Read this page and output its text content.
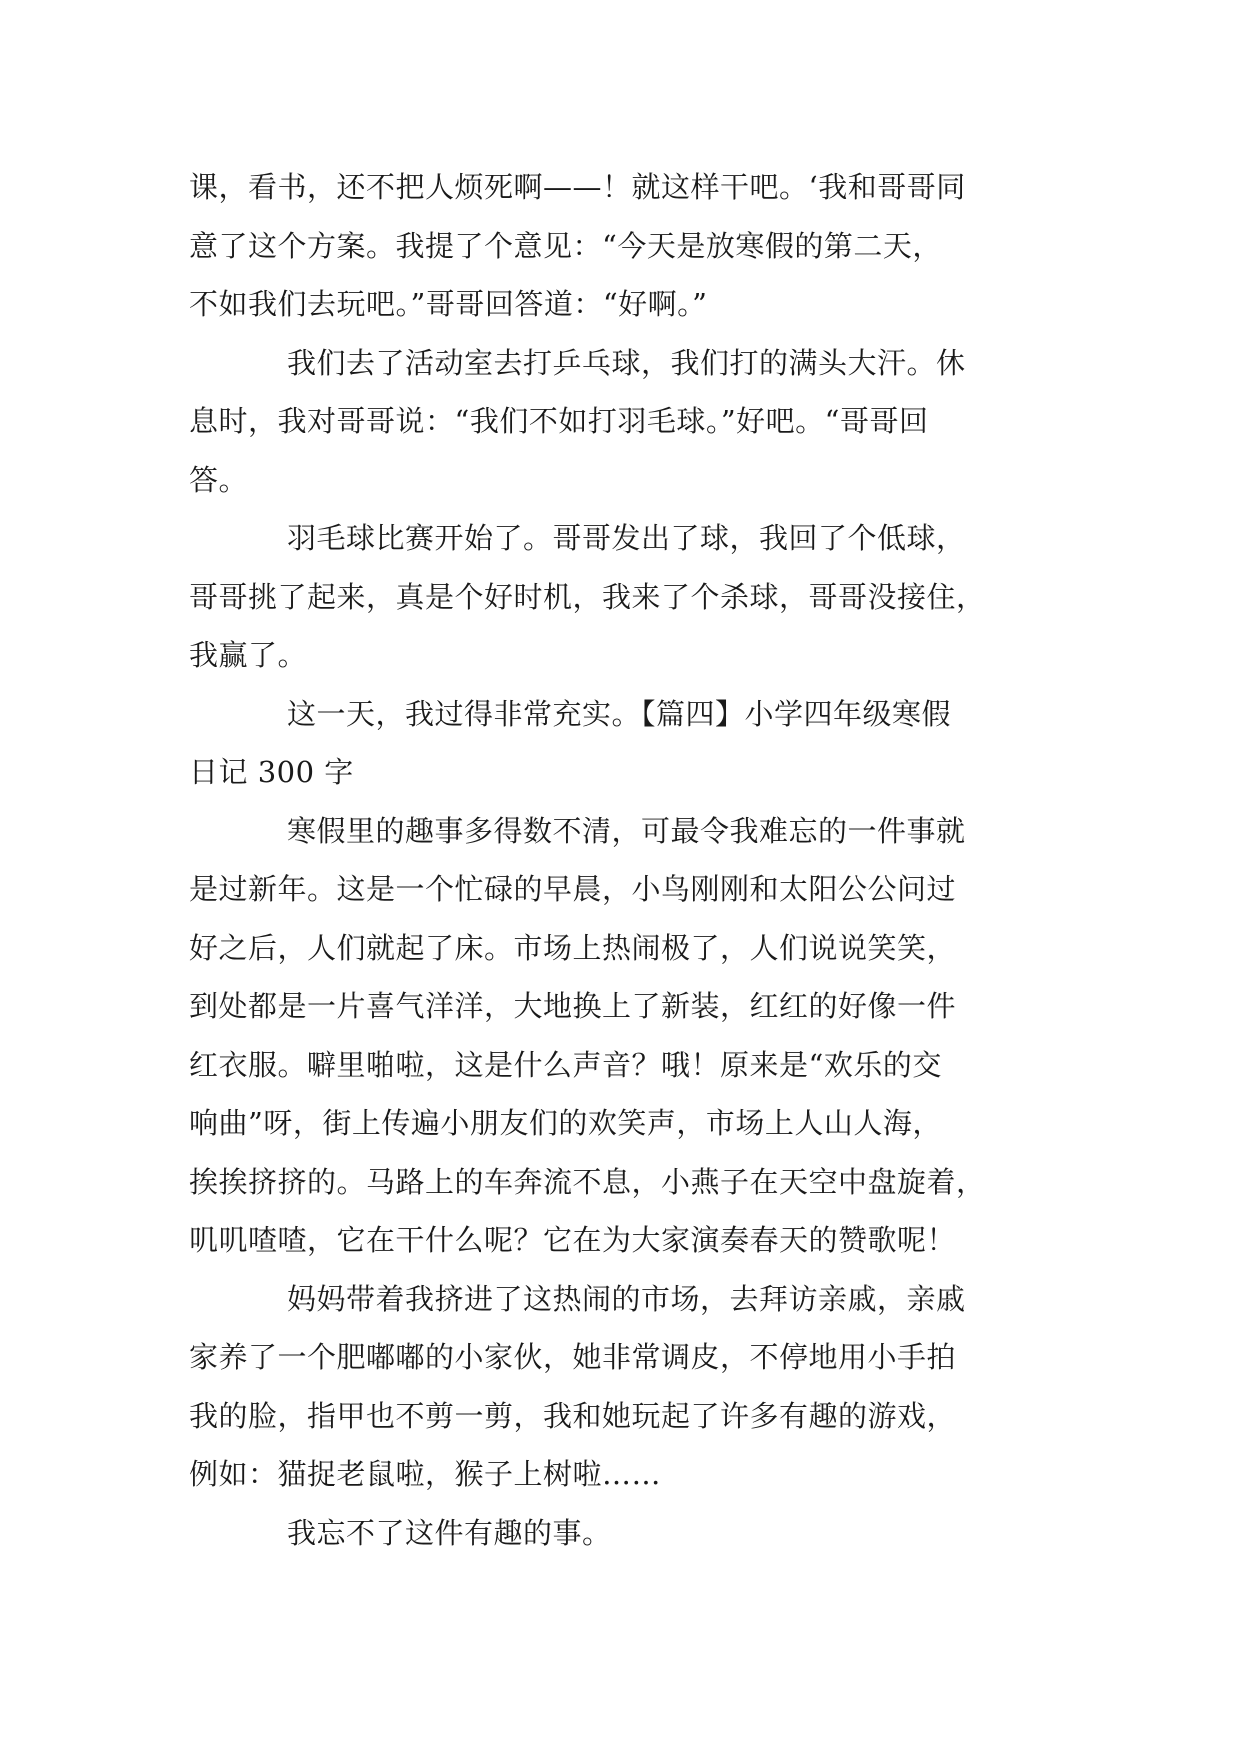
课，看书，还不把人烦死啊——！就这样干吧。‘我和哥哥同
意了这个方案。我提了个意见：“今天是放寒假的第二天，
不如我们去玩吧。”哥哥回答道：“好啊。”
我们去了活动室去打乒乓球，我们打的满头大汗。休
息时，我对哥哥说：“我们不如打羽毛球。”好吧。“哥哥回
答。
羽毛球比赛开始了。哥哥发出了球，我回了个低球，
哥哥挑了起来，真是个好时机，我来了个杀球，哥哥没接住，
我赢了。
这一天，我过得非常充实。【篇四】小学四年级寒假
日记 300 字
寒假里的趣事多得数不清，可最令我难忘的一件事就
是过新年。这是一个忙碌的早晨，小鸟刚刚和太阳公公问过
好之后，人们就起了床。市场上热闹极了，人们说说笑笑，
到处都是一片喜气洋洋，大地换上了新装，红红的好像一件
红衣服。噼里啪啦，这是什么声音？哦！原来是“欢乐的交
响曲”呀，街上传遍小朋友们的欢笑声，市场上人山人海，
挨挨挤挤的。马路上的车奔流不息，小燕子在天空中盘旋着，
叽叽喳喳，它在干什么呢？它在为大家演奏春天的赞歌呢！
妈妈带着我挤进了这热闹的市场，去拜访亲戚，亲戚
家养了一个肥嘟嘟的小家伙，她非常调皮，不停地用小手拍
我的脸，指甲也不剪一剪，我和她玩起了许多有趣的游戏，
例如：猫捉老鼠啦，猴子上树啦……
我忘不了这件有趣的事。
